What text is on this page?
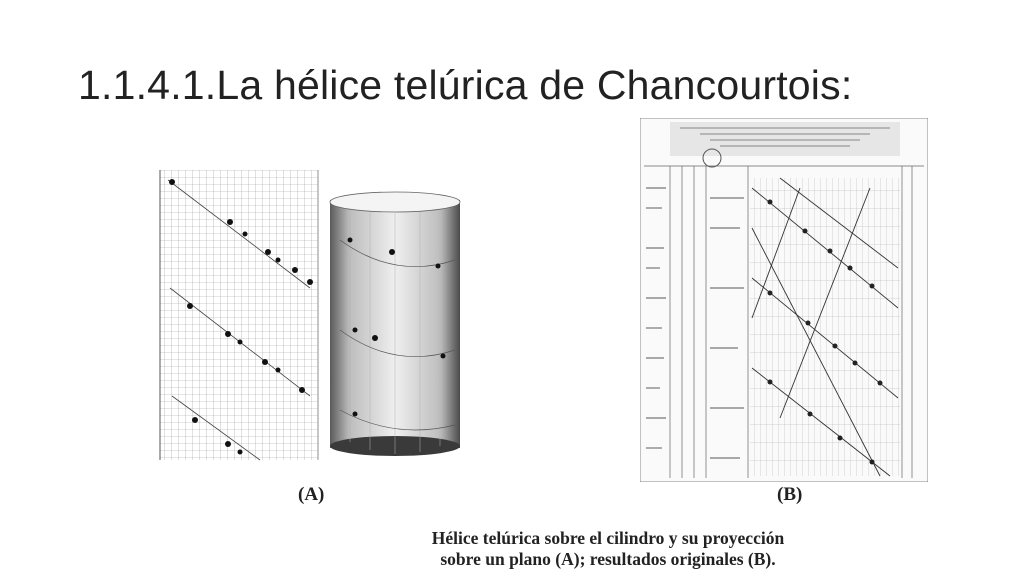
1.1.4.1.La hélice telúrica de Chancourtois:
(A)	(B)
Hélice telúrica sobre el cilindro y su proyección
sobre un plano (A); resultados originales (B).
